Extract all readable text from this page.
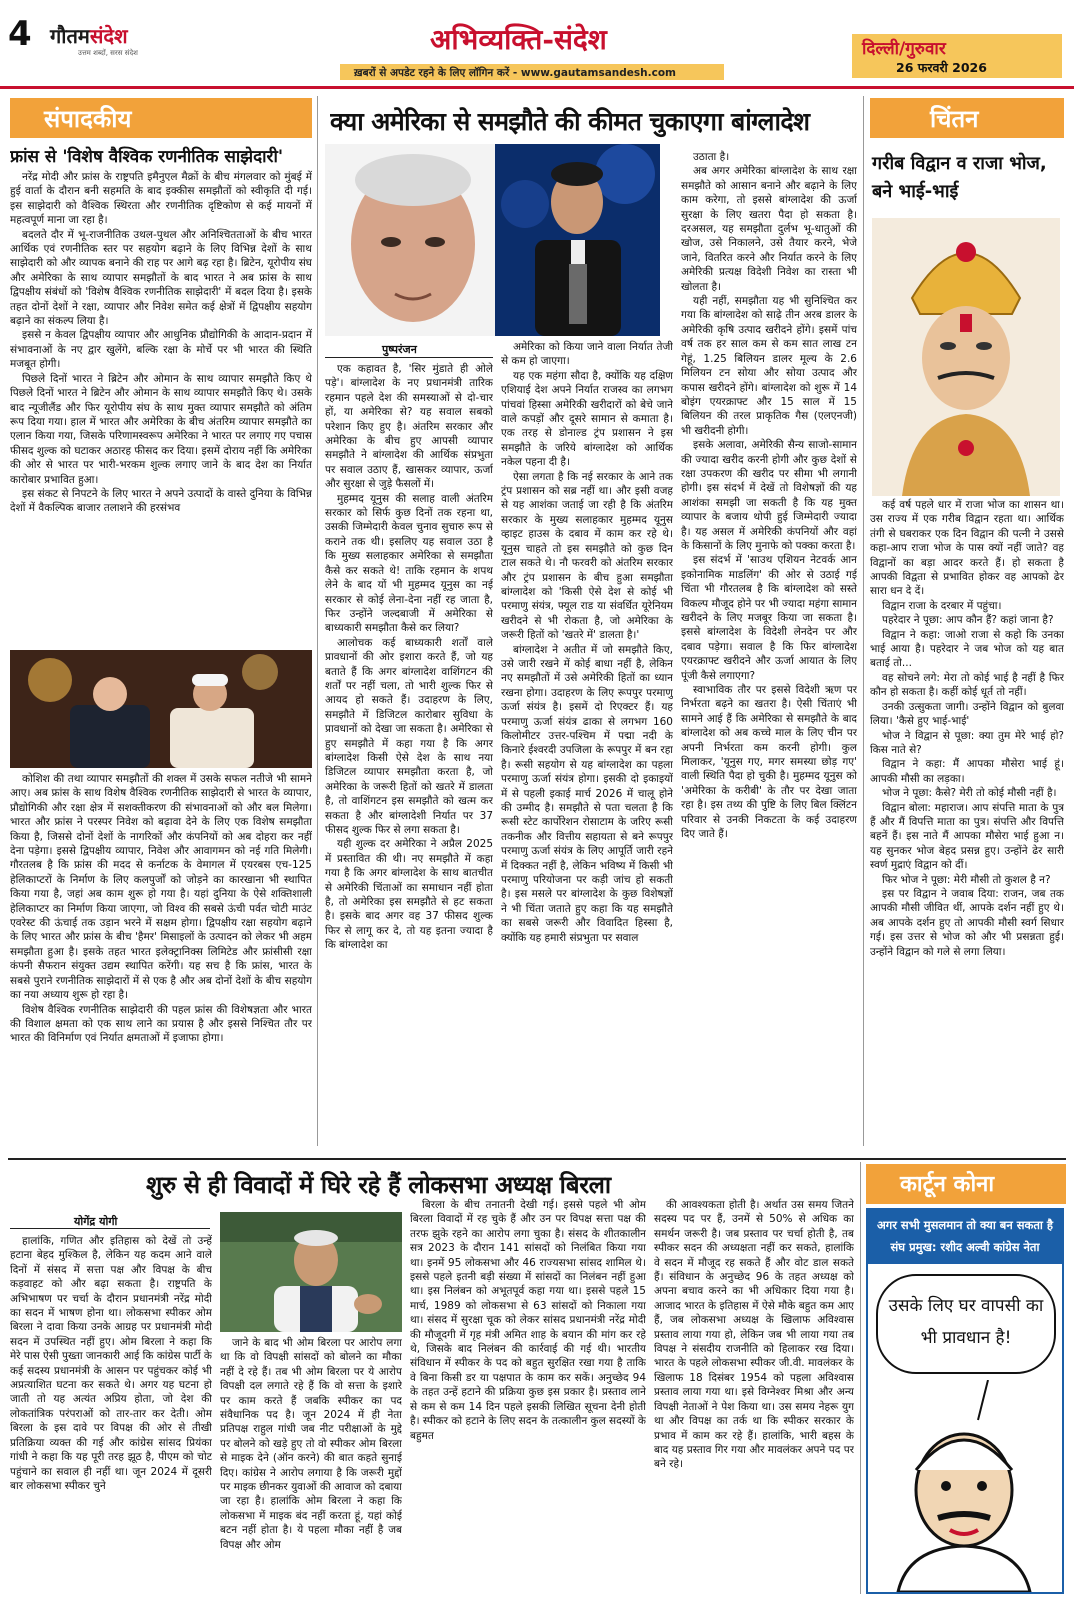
4 गौतमसंदेश
उत्तम शब्दों, सरस संदेश	अभिव्यक्ति-संदेश
ख़बरों से अपडेट रहने के लिए लॉगिन करें - www.gautamsandesh.com
दिल्ली/गुरुवार
26 फरवरी 2026
संपादकीय
फ्रांस से 'विशेष वैश्विक रणनीतिक साझेदारी'

नरेंद्र मोदी और फ्रांस के राष्ट्रपति इमैनुएल मैक्रों के बीच मंगलवार को मुंबई में हुई वार्ता के दौरान बनी सहमति के बाद इक्कीस समझौतों को स्वीकृति दी गई। इस साझेदारी को वैश्विक स्थिरता और रणनीतिक दृष्टिकोण से कई मायनों में महत्वपूर्ण माना जा रहा है।

बदलते दौर में भू-राजनीतिक उथल-पुथल और अनिश्चितताओं के बीच भारत आर्थिक एवं रणनीतिक स्तर पर सहयोग बढ़ाने के लिए विभिन्न देशों के साथ साझेदारी को और व्यापक बनाने की राह पर आगे बढ़ रहा है। ब्रिटेन, यूरोपीय संघ और अमेरिका के साथ व्यापार समझौतों के बाद भारत ने अब फ्रांस के साथ द्विपक्षीय संबंधों को 'विशेष वैश्विक रणनीतिक साझेदारी' में बदल दिया है। इसके तहत दोनों देशों ने रक्षा, व्यापार और निवेश समेत कई क्षेत्रों में द्विपक्षीय सहयोग बढ़ाने का संकल्प लिया है।

इससे न केवल द्विपक्षीय व्यापार और आधुनिक प्रौद्योगिकी के आदान-प्रदान में संभावनाओं के नए द्वार खुलेंगे, बल्कि रक्षा के मोर्चे पर भी भारत की स्थिति मजबूत होगी।

पिछले दिनों भारत ने ब्रिटेन और ओमान के साथ व्यापार समझौते किए थे पिछले दिनों भारत ने ब्रिटेन और ओमान के साथ व्यापार समझौते किए थे। उसके बाद न्यूजीलैंड और फिर यूरोपीय संघ के साथ मुक्त व्यापार समझौते को अंतिम रूप दिया गया। हाल में भारत और अमेरिका के बीच अंतरिम व्यापार समझौते का एलान किया गया, जिसके परिणामस्वरूप अमेरिका ने भारत पर लगाए गए पचास फीसद शुल्क को घटाकर अठारह फीसद कर दिया। इसमें दोराय नहीं कि अमेरिका की ओर से भारत पर भारी-भरकम शुल्क लगाए जाने के बाद देश का निर्यात कारोबार प्रभावित हुआ।

इस संकट से निपटने के लिए भारत ने अपने उत्पादों के वास्ते दुनिया के विभिन्न देशों में वैकल्पिक बाजार तलाशने की हरसंभव

कोशिश की तथा व्यापार समझौतों की शक्ल में उसके सफल नतीजे भी सामने आए। अब फ्रांस के साथ विशेष वैश्विक रणनीतिक साझेदारी से भारत के व्यापार, प्रौद्योगिकी और रक्षा क्षेत्र में सशक्तीकरण की संभावनाओं को और बल मिलेगा। भारत और फ्रांस ने परस्पर निवेश को बढ़ावा देने के लिए एक विशेष समझौता किया है, जिससे दोनों देशों के नागरिकों और कंपनियों को अब दोहरा कर नहीं देना पड़ेगा। इससे द्विपक्षीय व्यापार, निवेश और आवागमन को नई गति मिलेगी। गौरतलब है कि फ्रांस की मदद से कर्नाटक के वेमागल में एयरबस एच-125 हेलिकाप्टरों के निर्माण के लिए कलपुर्जों को जोड़ने का कारखाना भी स्थापित किया गया है, जहां अब काम शुरू हो गया है। यहां दुनिया के ऐसे शक्तिशाली हेलिकाप्टर का निर्माण किया जाएगा, जो विश्व की सबसे ऊंची पर्वत चोटी माउंट एवरेस्ट की ऊंचाई तक उड़ान भरने में सक्षम होगा। द्विपक्षीय रक्षा सहयोग बढ़ाने के लिए भारत और फ्रांस के बीच 'हैमर' मिसाइलों के उत्पादन को लेकर भी अहम समझौता हुआ है। इसके तहत भारत इलेक्ट्रानिक्स लिमिटेड और फ्रांसीसी रक्षा कंपनी सैफरान संयुक्त उद्यम स्थापित करेंगी। यह सच है कि फ्रांस, भारत के सबसे पुराने रणनीतिक साझेदारों में से एक है और अब दोनों देशों के बीच सहयोग का नया अध्याय शुरू हो रहा है।

विशेष वैश्विक रणनीतिक साझेदारी की पहल फ्रांस की विशेषज्ञता और भारत की विशाल क्षमता को एक साथ लाने का प्रयास है और इससे निश्चित तौर पर भारत की विनिर्माण एवं निर्यात क्षमताओं में इजाफा होगा।

क्या अमेरिका से समझौते की कीमत चुकाएगा बांग्लादेश
पुष्परंजन

एक कहावत है, 'सिर मुंडाते ही ओले पड़े'। बांग्लादेश के नए प्रधानमंत्री तारिक रहमान पहले देश की समस्याओं से दो-चार हों, या अमेरिका से? यह सवाल सबको परेशान किए हुए है। अंतरिम सरकार और अमेरिका के बीच हुए आपसी व्यापार समझौते ने बांग्लादेश की आर्थिक संप्रभुता पर सवाल उठाए हैं, खासकर व्यापार, ऊर्जा और सुरक्षा से जुड़े फैसलों में।

मुहम्मद यूनुस की सलाह वाली अंतरिम सरकार को सिर्फ कुछ दिनों तक रहना था, उसकी जिम्मेदारी केवल चुनाव सुचारु रूप से कराने तक थी। इसलिए यह सवाल उठा है कि मुख्य सलाहकार अमेरिका से समझौता कैसे कर सकते थे! ताकि रहमान के शपथ लेने के बाद यों भी मुहम्मद यूनुस का नई सरकार से कोई लेना-देना नहीं रह जाता है, फिर उन्होंने जल्दबाजी में अमेरिका से बाध्यकारी समझौता कैसे कर लिया?

आलोचक कई बाध्यकारी शर्तों वाले प्रावधानों की ओर इशारा करते हैं, जो यह बताते हैं कि अगर बांग्लादेश वाशिंगटन की शर्तों पर नहीं चला, तो भारी शुल्क फिर से आयद हो सकते हैं। उदाहरण के लिए, समझौते में डिजिटल कारोबार सुविधा के प्रावधानों को देखा जा सकता है। अमेरिका से हुए समझौते में कहा गया है कि अगर बांग्लादेश किसी ऐसे देश के साथ नया डिजिटल व्यापार समझौता करता है, जो अमेरिका के जरूरी हितों को खतरे में डालता है, तो वाशिंगटन इस समझौते को खत्म कर सकता है और बांग्लादेशी निर्यात पर 37 फीसद शुल्क फिर से लगा सकता है।

यही शुल्क दर अमेरिका ने अप्रैल 2025 में प्रस्तावित की थी। नए समझौते में कहा गया है कि अगर बांग्लादेश के साथ बातचीत से अमेरिकी चिंताओं का समाधान नहीं होता है, तो अमेरिका इस समझौते से हट सकता है। इसके बाद अगर वह 37 फीसद शुल्क फिर से लागू कर दे, तो यह इतना ज्यादा है कि बांग्लादेश का

अमेरिका को किया जाने वाला निर्यात तेजी से कम हो जाएगा।

यह एक महंगा सौदा है, क्योंकि यह दक्षिण एशियाई देश अपने निर्यात राजस्व का लगभग पांचवां हिस्सा अमेरिकी खरीदारों को बेचे जाने वाले कपड़ों और दूसरे सामान से कमाता है। एक तरह से डोनाल्ड ट्रंप प्रशासन ने इस समझौते के जरिये बांग्लादेश को आर्थिक नकेल पहना दी है।

ऐसा लगता है कि नई सरकार के आने तक ट्रंप प्रशासन को सब्र नहीं था। और इसी वजह से यह आशंका जताई जा रही है कि अंतरिम सरकार के मुख्य सलाहकार मुहम्मद यूनुस व्हाइट हाउस के दबाव में काम कर रहे थे। यूनुस चाहते तो इस समझौते को कुछ दिन टाल सकते थे। नौ फरवरी को अंतरिम सरकार और ट्रंप प्रशासन के बीच हुआ समझौता बांग्लादेश को 'किसी ऐसे देश से कोई भी परमाणु संयंत्र, फ्यूल राड या संवर्धित यूरेनियम खरीदने से भी रोकता है, जो अमेरिका के जरूरी हितों को 'खतरे में' डालता है।'

बांग्लादेश ने अतीत में जो समझौते किए, उसे जारी रखने में कोई बाधा नहीं है, लेकिन नए समझौतों में उसे अमेरिकी हितों का ध्यान रखना होगा। उदाहरण के लिए रूपपुर परमाणु ऊर्जा संयंत्र है। इसमें दो रिएक्टर हैं। यह परमाणु ऊर्जा संयंत्र ढाका से लगभग 160 किलोमीटर उत्तर-पश्चिम में पद्मा नदी के किनारे ईश्वरदी उपजिला के रूपपुर में बन रहा है। रूसी सहयोग से यह बांग्लादेश का पहला परमाणु ऊर्जा संयंत्र होगा। इसकी दो इकाइयों में से पहली इकाई मार्च 2026 में चालू होने की उम्मीद है। समझौते से पता चलता है कि रूसी स्टेट कार्पोरेशन रोसाटाम के जरिए रूसी तकनीक और वित्तीय सहायता से बने रूपपुर परमाणु ऊर्जा संयंत्र के लिए आपूर्ति जारी रहने में दिक्कत नहीं है, लेकिन भविष्य में किसी भी परमाणु परियोजना पर कड़ी जांच हो सकती है। इस मसले पर बांग्लादेश के कुछ विशेषज्ञों ने भी चिंता जताते हुए कहा कि यह समझौते का सबसे जरूरी और विवादित हिस्सा है, क्योंकि यह हमारी संप्रभुता पर सवाल

उठाता है।

अब अगर अमेरिका बांग्लादेश के साथ रक्षा समझौते को आसान बनाने और बढ़ाने के लिए काम करेगा, तो इससे बांग्लादेश की ऊर्जा सुरक्षा के लिए खतरा पैदा हो सकता है। दरअसल, यह समझौता दुर्लभ भू-धातुओं की खोज, उसे निकालने, उसे तैयार करने, भेजे जाने, वितरित करने और निर्यात करने के लिए अमेरिकी प्रत्यक्ष विदेशी निवेश का रास्ता भी खोलता है।

यही नहीं, समझौता यह भी सुनिश्चित कर गया कि बांग्लादेश को साढ़े तीन अरब डालर के अमेरिकी कृषि उत्पाद खरीदने होंगे। इसमें पांच वर्ष तक हर साल कम से कम सात लाख टन गेहूं, 1.25 बिलियन डालर मूल्य के 2.6 मिलियन टन सोया और सोया उत्पाद और कपास खरीदने होंगे। बांग्लादेश को शुरू में 14 बोइंग एयरक्राफ्ट और 15 साल में 15 बिलियन की तरल प्राकृतिक गैस (एलएनजी) भी खरीदनी होगी।

इसके अलावा, अमेरिकी सैन्य साजो-सामान की ज्यादा खरीद करनी होगी और कुछ देशों से रक्षा उपकरण की खरीद पर सीमा भी लगानी होगी। इस संदर्भ में देखें तो विशेषज्ञों की यह आशंका समझी जा सकती है कि यह मुक्त व्यापार के बजाय थोपी हुई जिम्मेदारी ज्यादा है। यह असल में अमेरिकी कंपनियों और वहां के किसानों के लिए मुनाफे को पक्का करता है।

इस संदर्भ में 'साउथ एशियन नेटवर्क आन इकोनामिक माडलिंग' की ओर से उठाई गई चिंता भी गौरतलब है कि बांग्लादेश को सस्ते विकल्प मौजूद होने पर भी ज्यादा महंगा सामान खरीदने के लिए मजबूर किया जा सकता है। इससे बांग्लादेश के विदेशी लेनदेन पर और दबाव पड़ेगा। सवाल है कि फिर बांग्लादेश एयरक्राफ्ट खरीदने और ऊर्जा आयात के लिए पूंजी कैसे लगाएगा?

स्वाभाविक तौर पर इससे विदेशी ऋण पर निर्भरता बढ़ने का खतरा है। ऐसी चिंताएं भी सामने आई हैं कि अमेरिका से समझौते के बाद बांग्लादेश को अब कच्चे माल के लिए चीन पर अपनी निर्भरता कम करनी होगी। कुल मिलाकर, 'यूनुस गए, मगर समस्या छोड़ गए' वाली स्थिति पैदा हो चुकी है। मुहम्मद यूनुस को 'अमेरिका के करीबी' के तौर पर देखा जाता रहा है। इस तथ्य की पुष्टि के लिए बिल क्लिंटन परिवार से उनकी निकटता के कई उदाहरण दिए जाते हैं।

चिंतन
गरीब विद्वान व राजा भोज, बने भाई-भाई

कई वर्ष पहले धार में राजा भोज का शासन था। उस राज्य में एक गरीब विद्वान रहता था। आर्थिक तंगी से घबराकर एक दिन विद्वान की पत्नी ने उससे कहा-आप राजा भोज के पास क्यों नहीं जाते? वह विद्वानों का बड़ा आदर करते हैं। हो सकता है आपकी विद्वता से प्रभावित होकर वह आपको ढेर सारा धन दे दें।

विद्वान राजा के दरबार में पहुंचा।

पहरेदार ने पूछा: आप कौन हैं? कहां जाना है?

विद्वान ने कहा: जाओ राजा से कहो कि उनका भाई आया है। पहरेदार ने जब भोज को यह बात बताई तो...

वह सोचने लगे: मेरा तो कोई भाई है नहीं है फिर कौन हो सकता है। कहीं कोई धूर्त तो नहीं।

उनकी उत्सुकता जागी। उन्होंने विद्वान को बुलवा लिया। 'कैसे हुए भाई-भाई'

भोज ने विद्वान से पूछा: क्या तुम मेरे भाई हो? किस नाते से?

विद्वान ने कहा: मैं आपका मौसेरा भाई हूं। आपकी मौसी का लड़का।

भोज ने पूछा: कैसे? मेरी तो कोई मौसी नहीं है।

विद्वान बोला: महाराज। आप संपत्ति माता के पुत्र हैं और मैं विपत्ति माता का पुत्र। संपत्ति और विपत्ति बहनें हैं। इस नाते मैं आपका मौसेरा भाई हुआ न। यह सुनकर भोज बेहद प्रसन्न हुए। उन्होंने ढेर सारी स्वर्ण मुद्राएं विद्वान को दीं।

फिर भोज ने पूछा: मेरी मौसी तो कुशल है न?

इस पर विद्वान ने जवाब दिया: राजन, जब तक आपकी मौसी जीवित थीं, आपके दर्शन नहीं हुए थे। अब आपके दर्शन हुए तो आपकी मौसी स्वर्ग सिधार गई। इस उत्तर से भोज को और भी प्रसन्नता हुई। उन्होंने विद्वान को गले से लगा लिया।

शुरु से ही विवादों में घिरे रहे हैं लोकसभा अध्यक्ष बिरला
योगेंद्र योगी

हालांकि, गणित और इतिहास को देखें तो उन्हें हटाना बेहद मुश्किल है, लेकिन यह कदम आने वाले दिनों में संसद में सत्ता पक्ष और विपक्ष के बीच कड़वाहट को और बढ़ा सकता है। राष्ट्रपति के अभिभाषण पर चर्चा के दौरान प्रधानमंत्री नरेंद्र मोदी का सदन में भाषण होना था। लोकसभा स्पीकर ओम बिरला ने दावा किया उनके आग्रह पर प्रधानमंत्री मोदी सदन में उपस्थित नहीं हुए। ओम बिरला ने कहा कि मेरे पास ऐसी पुख्ता जानकारी आई कि कांग्रेस पार्टी के कई सदस्य प्रधानमंत्री के आसन पर पहुंचकर कोई भी अप्रत्याशित घटना कर सकते थे। अगर यह घटना हो जाती तो यह अत्यंत अप्रिय होता, जो देश की लोकतांत्रिक परंपराओं को तार-तार कर देती। ओम बिरला के इस दावे पर विपक्ष की ओर से तीखी प्रतिक्रिया व्यक्त की गई और कांग्रेस सांसद प्रियंका गांधी ने कहा कि यह पूरी तरह झूठ है, पीएम को चोट पहुंचाने का सवाल ही नहीं था। जून 2024 में दूसरी बार लोकसभा स्पीकर चुने

जाने के बाद भी ओम बिरला पर आरोप लगा था कि वो विपक्षी सांसदों को बोलने का मौका नहीं दे रहे हैं। तब भी ओम बिरला पर ये आरोप विपक्षी दल लगाते रहे हैं कि वो सत्ता के इशारे पर काम करते हैं जबकि स्पीकर का पद संवैधानिक पद है। जून 2024 में ही नेता प्रतिपक्ष राहुल गांधी जब नीट परीक्षाओं के मुद्दे पर बोलने को खड़े हुए तो वो स्पीकर ओम बिरला से माइक देने (ऑन करने) की बात कहते सुनाई दिए। कांग्रेस ने आरोप लगाया है कि जरूरी मुद्दों पर माइक छीनकर युवाओं की आवाज को दबाया जा रहा है। हालांकि ओम बिरला ने कहा कि लोकसभा में माइक बंद नहीं करता हूं, यहां कोई बटन नहीं होता है। ये पहला मौका नहीं है जब विपक्ष और ओम

बिरला के बीच तनातनी देखी गई। इससे पहले भी ओम बिरला विवादों में रह चुके हैं और उन पर विपक्ष सत्ता पक्ष की तरफ झुके रहने का आरोप लगा चुका है। संसद के शीतकालीन सत्र 2023 के दौरान 141 सांसदों को निलंबित किया गया था। इनमें 95 लोकसभा और 46 राज्यसभा सांसद शामिल थे। इससे पहले इतनी बड़ी संख्या में सांसदों का निलंबन नहीं हुआ था। इस निलंबन को अभूतपूर्व कहा गया था। इससे पहले 15 मार्च, 1989 को लोकसभा से 63 सांसदों को निकाला गया था। संसद में सुरक्षा चूक को लेकर सांसद प्रधानमंत्री नरेंद्र मोदी की मौजूदगी में गृह मंत्री अमित शाह के बयान की मांग कर रहे थे, जिसके बाद निलंबन की कार्रवाई की गई थी। भारतीय संविधान में स्पीकर के पद को बहुत सुरक्षित रखा गया है ताकि वे बिना किसी डर या पक्षपात के काम कर सकें। अनुच्छेद 94 के तहत उन्हें हटाने की प्रक्रिया कुछ इस प्रकार है। प्रस्ताव लाने से कम से कम 14 दिन पहले इसकी लिखित सूचना देनी होती है। स्पीकर को हटाने के लिए सदन के तत्कालीन कुल सदस्यों के बहुमत

की आवश्यकता होती है। अर्थात उस समय जितने सदस्य पद पर हैं, उनमें से 50% से अधिक का समर्थन जरूरी है। जब प्रस्ताव पर चर्चा होती है, तब स्पीकर सदन की अध्यक्षता नहीं कर सकते, हालांकि वे सदन में मौजूद रह सकते हैं और वोट डाल सकते हैं। संविधान के अनुच्छेद 96 के तहत अध्यक्ष को अपना बचाव करने का भी अधिकार दिया गया है। आजाद भारत के इतिहास में ऐसे मौके बहुत कम आए हैं, जब लोकसभा अध्यक्ष के खिलाफ अविश्वास प्रस्ताव लाया गया हो, लेकिन जब भी लाया गया तब विपक्ष ने संसदीय राजनीति को हिलाकर रख दिया। भारत के पहले लोकसभा स्पीकर जी.वी. मावलंकर के खिलाफ 18 दिसंबर 1954 को पहला अविश्वास प्रस्ताव लाया गया था। इसे विग्नेश्वर मिश्रा और अन्य विपक्षी नेताओं ने पेश किया था। उस समय नेहरू युग था और विपक्ष का तर्क था कि स्पीकर सरकार के प्रभाव में काम कर रहे हैं। हालांकि, भारी बहस के बाद यह प्रस्ताव गिर गया और मावलंकर अपने पद पर बने रहे।

कार्टून कोना
अगर सभी मुसलमान तो क्या बन सकता है संघ प्रमुख: रशीद अल्वी कांग्रेस नेता
उसके लिए घर वापसी का भी प्रावधान है!
